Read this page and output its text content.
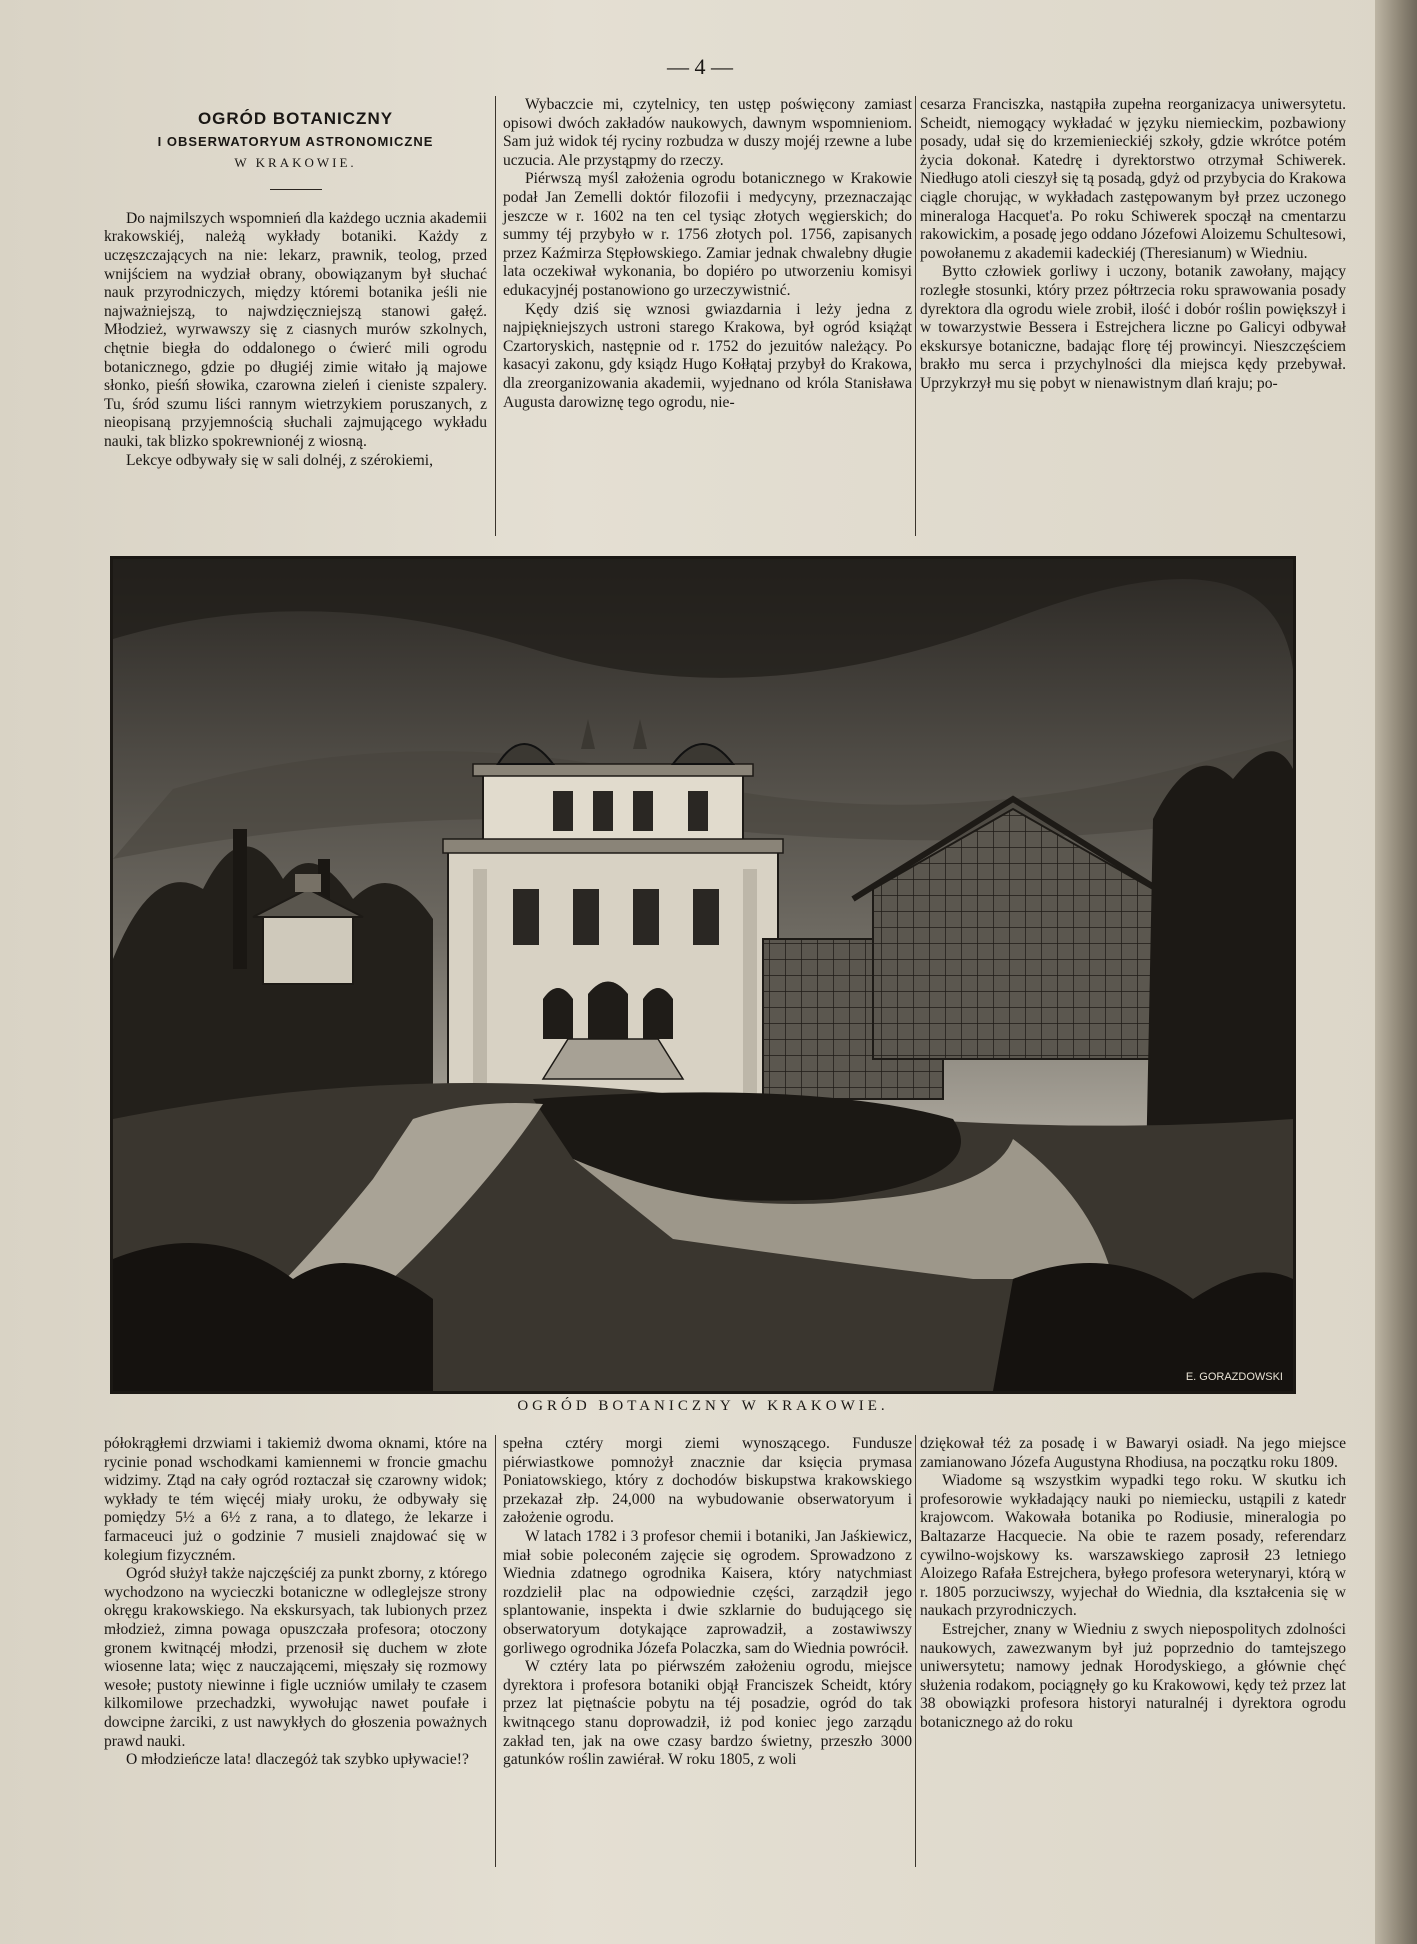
— 4 —
OGRÓD BOTANICZNY
I OBSERWATORYUM ASTRONOMICZNE
W KRAKOWIE.

Do najmilszych wspomnień dla każdego ucznia akademii krakowskiéj, należą wykłady botaniki. Każdy z uczęszczających na nie: lekarz, prawnik, teolog, przed wnijściem na wydział obrany, obowiązanym był słuchać nauk przyrodniczych, między któremi botanika jeśli nie najważniejszą, to najwdzięczniejszą stanowi gałęź. Młodzież, wyrwawszy się z ciasnych murów szkolnych, chętnie biegła do oddalonego o ćwierć mili ogrodu botanicznego, gdzie po długiéj zimie witało ją majowe słonko, pieśń słowika, czarowna zieleń i cieniste szpalery. Tu, śród szumu liści rannym wietrzykiem poruszanych, z nieopisaną przyjemnością słuchali zajmującego wykładu nauki, tak blizko spokrewnionéj z wiosną.

Lekcye odbywały się w sali dolnéj, z szérokiemi,

Wybaczcie mi, czytelnicy, ten ustęp poświęcony zamiast opisowi dwóch zakładów naukowych, dawnym wspomnieniom. Sam już widok téj ryciny rozbudza w duszy mojéj rzewne a lube uczucia. Ale przystąpmy do rzeczy.

Piérwszą myśl założenia ogrodu botanicznego w Krakowie podał Jan Zemelli doktór filozofii i medycyny, przeznaczając jeszcze w r. 1602 na ten cel tysiąc złotych węgierskich; do summy téj przybyło w r. 1756 złotych pol. 1756, zapisanych przez Kaźmirza Stępłowskiego. Zamiar jednak chwalebny długie lata oczekiwał wykonania, bo dopiéro po utworzeniu komisyi edukacyjnéj postanowiono go urzeczywistnić.

Kędy dziś się wznosi gwiazdarnia i leży jedna z najpiękniejszych ustroni starego Krakowa, był ogród książąt Czartoryskich, następnie od r. 1752 do jezuitów należący. Po kasacyi zakonu, gdy ksiądz Hugo Kołłątaj przybył do Krakowa, dla zreorganizowania akademii, wyjednano od króla Stanisława Augusta darowiznę tego ogrodu, nie-

cesarza Franciszka, nastąpiła zupełna reorganizacya uniwersytetu. Scheidt, niemogący wykładać w języku niemieckim, pozbawiony posady, udał się do krzemienieckiéj szkoły, gdzie wkrótce potém życia dokonał. Katedrę i dyrektorstwo otrzymał Schiwerek. Niedługo atoli cieszył się tą posadą, gdyż od przybycia do Krakowa ciągle chorując, w wykładach zastępowanym był przez uczonego mineraloga Hacquet'a. Po roku Schiwerek spoczął na cmentarzu rakowickim, a posadę jego oddano Józefowi Aloizemu Schultesowi, powołanemu z akademii kadeckiéj (Theresianum) w Wiedniu.

Bytto człowiek gorliwy i uczony, botanik zawołany, mający rozległe stosunki, który przez półtrzecia roku sprawowania posady dyrektora dla ogrodu wiele zrobił, ilość i dobór roślin powiększył i w towarzystwie Bessera i Estrejchera liczne po Galicyi odbywał ekskursye botaniczne, badając florę téj prowincyi. Nieszczęściem brakło mu serca i przychylności dla miejsca kędy przebywał. Uprzykrzył mu się pobyt w nienawistnym dlań kraju; po-

E. GORAZDOWSKI
OGRÓD BOTANICZNY W KRAKOWIE.

półokrągłemi drzwiami i takiemiż dwoma oknami, które na rycinie ponad wschodkami kamiennemi w froncie gmachu widzimy. Ztąd na cały ogród roztaczał się czarowny widok; wykłady te tém więcéj miały uroku, że odbywały się pomiędzy 5½ a 6½ z rana, a to dlatego, że lekarze i farmaceuci już o godzinie 7 musieli znajdować się w kolegium fizyczném.

Ogród służył także najczęściéj za punkt zborny, z którego wychodzono na wycieczki botaniczne w odleglejsze strony okręgu krakowskiego. Na ekskursyach, tak lubionych przez młodzież, zimna powaga opuszczała profesora; otoczony gronem kwitnącéj młodzi, przenosił się duchem w złote wiosenne lata; więc z nauczającemi, mięszały się rozmowy wesołe; pustoty niewinne i figle uczniów umilały te czasem kilkomilowe przechadzki, wywołując nawet poufałe i dowcipne żarciki, z ust nawykłych do głoszenia poważnych prawd nauki.

O młodzieńcze lata! dlaczegóż tak szybko upływacie!?

spełna cztéry morgi ziemi wynoszącego. Fundusze piérwiastkowe pomnożył znacznie dar księcia prymasa Poniatowskiego, który z dochodów biskupstwa krakowskiego przekazał złp. 24,000 na wybudowanie obserwatoryum i założenie ogrodu.

W latach 1782 i 3 profesor chemii i botaniki, Jan Jaśkiewicz, miał sobie poleconém zajęcie się ogrodem. Sprowadzono z Wiednia zdatnego ogrodnika Kaisera, który natychmiast rozdzielił plac na odpowiednie części, zarządził jego splantowanie, inspekta i dwie szklarnie do budującego się obserwatoryum dotykające zaprowadził, a zostawiwszy gorliwego ogrodnika Józefa Polaczka, sam do Wiednia powrócił.

W cztéry lata po piérwszém założeniu ogrodu, miejsce dyrektora i profesora botaniki objął Franciszek Scheidt, który przez lat piętnaście pobytu na téj posadzie, ogród do tak kwitnącego stanu doprowadził, iż pod koniec jego zarządu zakład ten, jak na owe czasy bardzo świetny, przeszło 3000 gatunków roślin zawiérał. W roku 1805, z woli

dziękował téż za posadę i w Bawaryi osiadł. Na jego miejsce zamianowano Józefa Augustyna Rhodiusa, na początku roku 1809.

Wiadome są wszystkim wypadki tego roku. W skutku ich profesorowie wykładający nauki po niemiecku, ustąpili z katedr krajowcom. Wakowała botanika po Rodiusie, mineralogia po Baltazarze Hacquecie. Na obie te razem posady, referendarz cywilno-wojskowy ks. warszawskiego zaprosił 23 letniego Aloizego Rafała Estrejchera, byłego profesora weterynaryi, którą w r. 1805 porzuciwszy, wyjechał do Wiednia, dla kształcenia się w naukach przyrodniczych.

Estrejcher, znany w Wiedniu z swych niepospolitych zdolności naukowych, zawezwanym był już poprzednio do tamtejszego uniwersytetu; namowy jednak Horodyskiego, a głównie chęć służenia rodakom, pociągnęły go ku Krakowowi, kędy też przez lat 38 obowiązki profesora historyi naturalnéj i dyrektora ogrodu botanicznego aż do roku
